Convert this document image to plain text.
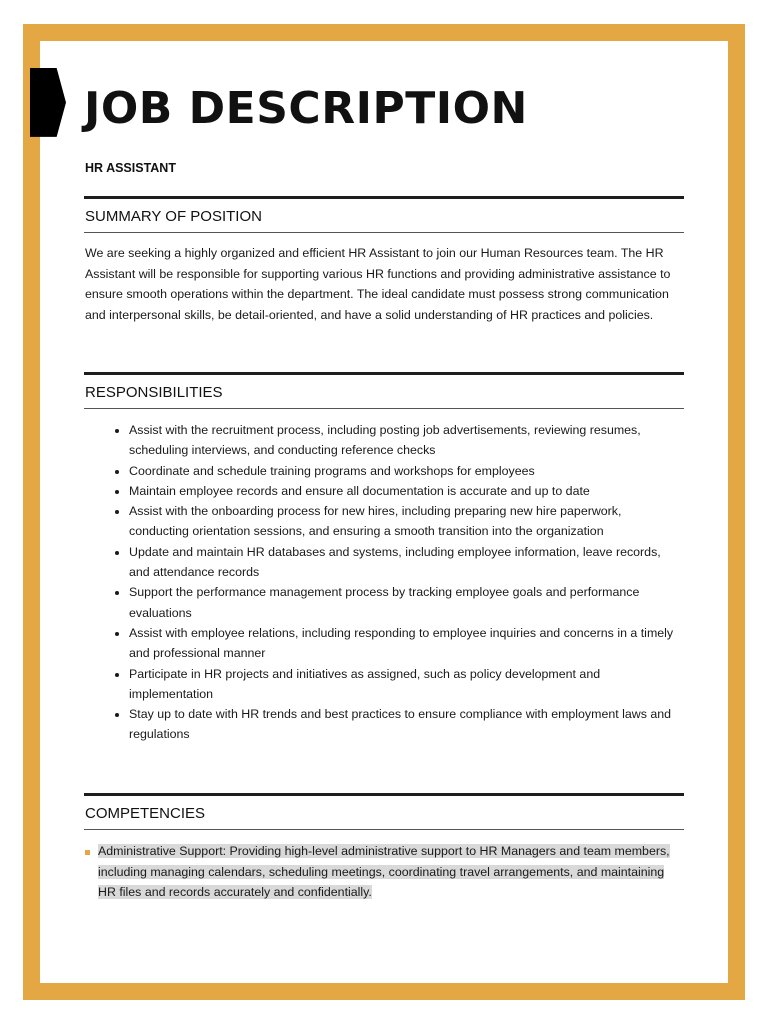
JOB DESCRIPTION

HR ASSISTANT

SUMMARY OF POSITION

We are seeking a highly organized and efficient HR Assistant to join our Human Resources team. The HR Assistant will be responsible for supporting various HR functions and providing administrative assistance to ensure smooth operations within the department. The ideal candidate must possess strong communication and interpersonal skills, be detail-oriented, and have a solid understanding of HR practices and policies.

RESPONSIBILITIES

• Assist with the recruitment process, including posting job advertisements, reviewing resumes, scheduling interviews, and conducting reference checks
• Coordinate and schedule training programs and workshops for employees
• Maintain employee records and ensure all documentation is accurate and up to date
• Assist with the onboarding process for new hires, including preparing new hire paperwork, conducting orientation sessions, and ensuring a smooth transition into the organization
• Update and maintain HR databases and systems, including employee information, leave records, and attendance records
• Support the performance management process by tracking employee goals and performance evaluations
• Assist with employee relations, including responding to employee inquiries and concerns in a timely and professional manner
• Participate in HR projects and initiatives as assigned, such as policy development and implementation
• Stay up to date with HR trends and best practices to ensure compliance with employment laws and regulations

COMPETENCIES

Administrative Support: Providing high-level administrative support to HR Managers and team members, including managing calendars, scheduling meetings, coordinating travel arrangements, and maintaining HR files and records accurately and confidentially.
